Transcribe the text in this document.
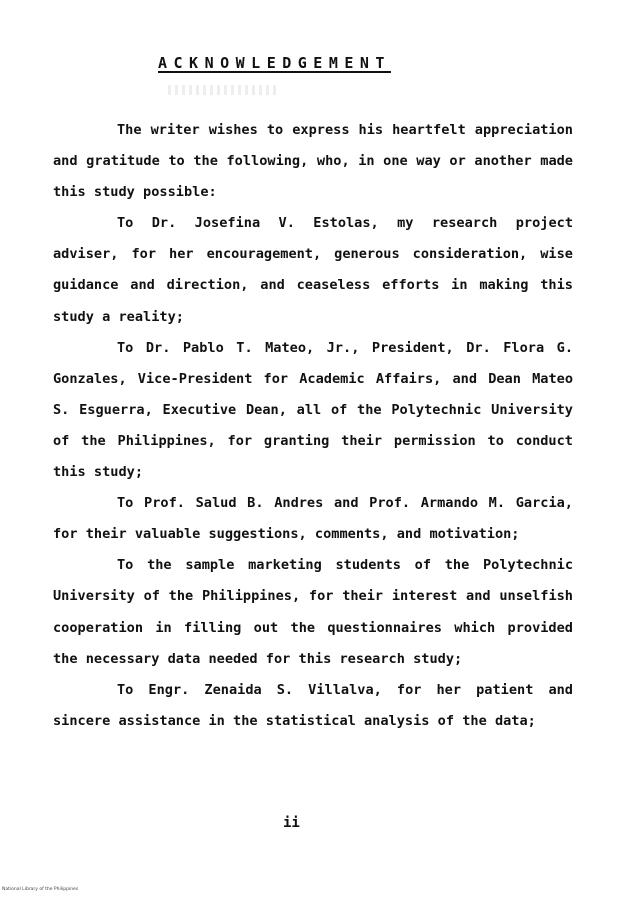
ACKNOWLEDGEMENT

The writer wishes to express his heartfelt appreciation and gratitude to the following, who, in one way or another made this study possible:

To Dr. Josefina V. Estolas, my research project adviser, for her encouragement, generous consideration, wise guidance and direction, and ceaseless efforts in making this study a reality;

To Dr. Pablo T. Mateo, Jr., President, Dr. Flora G. Gonzales, Vice-President for Academic Affairs, and Dean Mateo S. Esguerra, Executive Dean, all of the Polytechnic University of the Philippines, for granting their permission to conduct this study;

To Prof. Salud B. Andres and Prof. Armando M. Garcia, for their valuable suggestions, comments, and motivation;

To the sample marketing students of the Polytechnic University of the Philippines, for their interest and unselfish cooperation in filling out the questionnaires which provided the necessary data needed for this research study;

To Engr. Zenaida S. Villalva, for her patient and sincere assistance in the statistical analysis of the data;

ii
National Library of the Philippines
